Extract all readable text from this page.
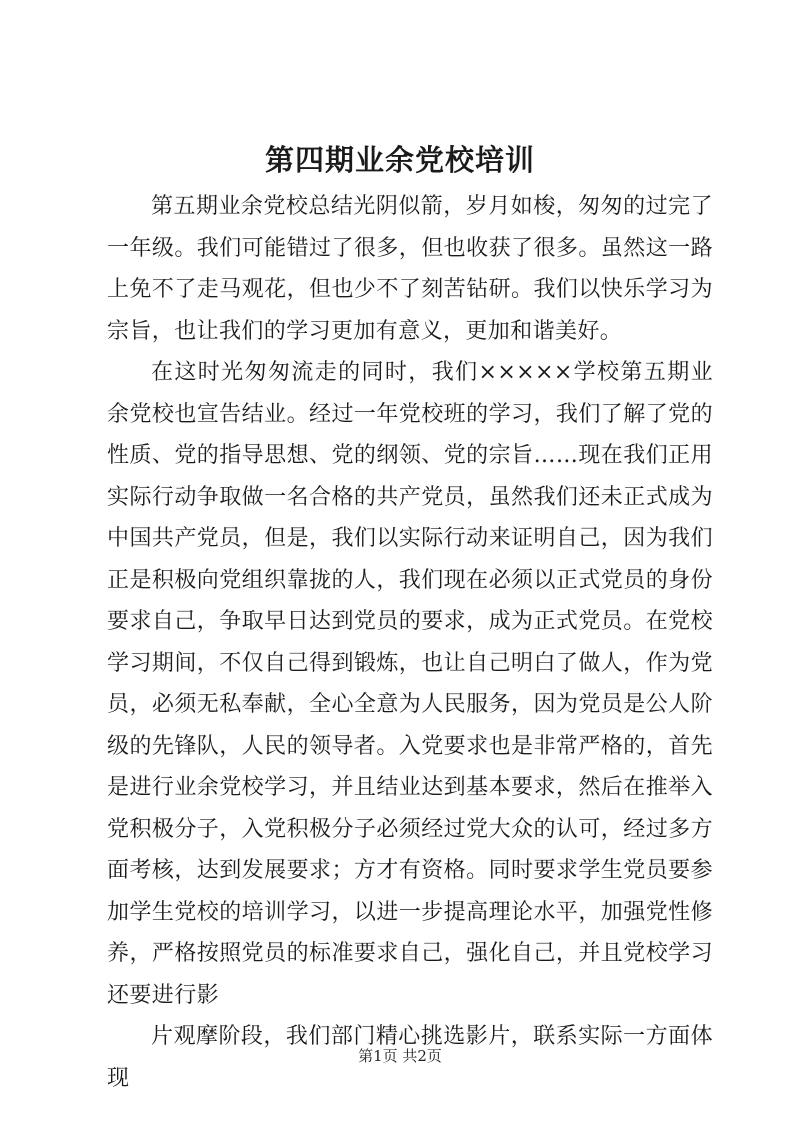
第四期业余党校培训

第五期业余党校总结光阴似箭，岁月如梭，匆匆的过完了一年级。我们可能错过了很多，但也收获了很多。虽然这一路上免不了走马观花，但也少不了刻苦钻研。我们以快乐学习为宗旨，也让我们的学习更加有意义，更加和谐美好。

在这时光匆匆流走的同时，我们×××××学校第五期业余党校也宣告结业。经过一年党校班的学习，我们了解了党的性质、党的指导思想、党的纲领、党的宗旨……现在我们正用实际行动争取做一名合格的共产党员，虽然我们还未正式成为中国共产党员，但是，我们以实际行动来证明自己，因为我们正是积极向党组织靠拢的人，我们现在必须以正式党员的身份要求自己，争取早日达到党员的要求，成为正式党员。在党校学习期间，不仅自己得到锻炼，也让自己明白了做人，作为党员，必须无私奉献，全心全意为人民服务，因为党员是公人阶级的先锋队，人民的领导者。入党要求也是非常严格的，首先是进行业余党校学习，并且结业达到基本要求，然后在推举入党积极分子，入党积极分子必须经过党大众的认可，经过多方面考核，达到发展要求；方才有资格。同时要求学生党员要参加学生党校的培训学习，以进一步提高理论水平，加强党性修养，严格按照党员的标准要求自己，强化自己，并且党校学习还要进行影

片观摩阶段，我们部门精心挑选影片，联系实际一方面体现

第1页 共2页
